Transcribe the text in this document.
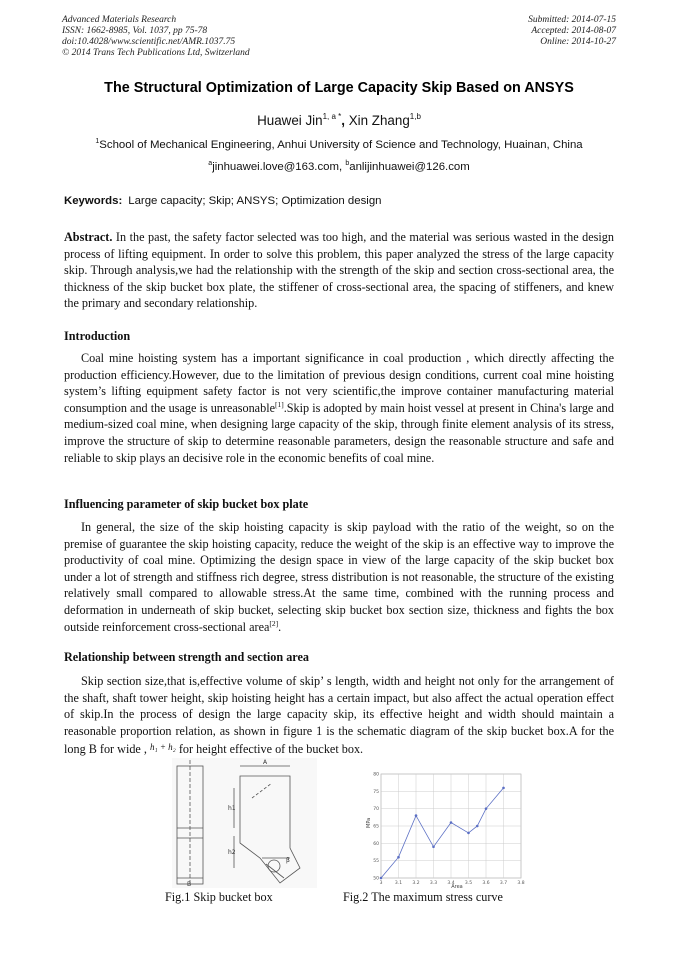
Advanced Materials Research
ISSN: 1662-8985, Vol. 1037, pp 75-78
doi:10.4028/www.scientific.net/AMR.1037.75
© 2014 Trans Tech Publications Ltd, Switzerland
Submitted: 2014-07-15
Accepted: 2014-08-07
Online: 2014-10-27
The Structural Optimization of Large Capacity Skip Based on ANSYS
Huawei Jin$^{1, a *}$, Xin Zhang$^{1,b}$
$^1$School of Mechanical Engineering, Anhui University of Science and Technology, Huainan, China
$^a$jinhuawei.love@163.com, $^b$anlijinhuawei@126.com
Keywords: Large capacity; Skip; ANSYS; Optimization design

Abstract. In the past, the safety factor selected was too high, and the material was serious wasted in the design process of lifting equipment. In order to solve this problem, this paper analyzed the stress of the large capacity skip. Through analysis,we had the relationship with the strength of the skip and section cross-sectional area, the thickness of the skip bucket box plate, the stiffener of cross-sectional area, the spacing of stiffeners, and knew the primary and secondary relationship.

Introduction

Coal mine hoisting system has a important significance in coal production , which directly affecting the production efficiency.However, due to the limitation of previous design conditions, current coal mine hoisting system’s lifting equipment safety factor is not very scientific,the improve container manufacturing material consumption and the usage is unreasonable[1].Skip is adopted by main hoist vessel at present in China's large and medium-sized coal mine, when designing large capacity of the skip, through finite element analysis of its stress, improve the structure of skip to determine reasonable parameters, design the reasonable structure and safe and reliable to skip plays an decisive role in the economic benefits of coal mine.

Influencing parameter of skip bucket box plate

In general, the size of the skip hoisting capacity is skip payload with the ratio of the weight, so on the premise of guarantee the skip hoisting capacity, reduce the weight of the skip is an effective way to improve the productivity of coal mine. Optimizing the design space in view of the large capacity of the skip bucket box under a lot of strength and stiffness rich degree, stress distribution is not reasonable, the structure of the existing relatively small compared to allowable stress.At the same time, combined with the running process and deformation in underneath of skip bucket, selecting skip bucket box section size, thickness and fights the box outside reinforcement cross-sectional area[2].

Relationship between strength and section area

Skip section size,that is,effective volume of skip’ s length, width and height not only for the arrangement of the shaft, shaft tower height, skip hoisting height has a certain impact, but also affect the actual operation effect of skip.In the process of design the large capacity skip, its effective height and width should maintain a reasonable proportion relation, as shown in figure 1 is the schematic diagram of the skip bucket box.A for the long B for wide , $^{h_1 + h_2}$ for height effective of the bucket box.

B
A
h1
h2
β
3	3.1 3.2 3.3 3.4 3.5 3.6 3.7 3.8
50
55
60
65
70
75
80
MPa
Area
Fig.1 Skip bucket box	Fig.2 The maximum stress curve
